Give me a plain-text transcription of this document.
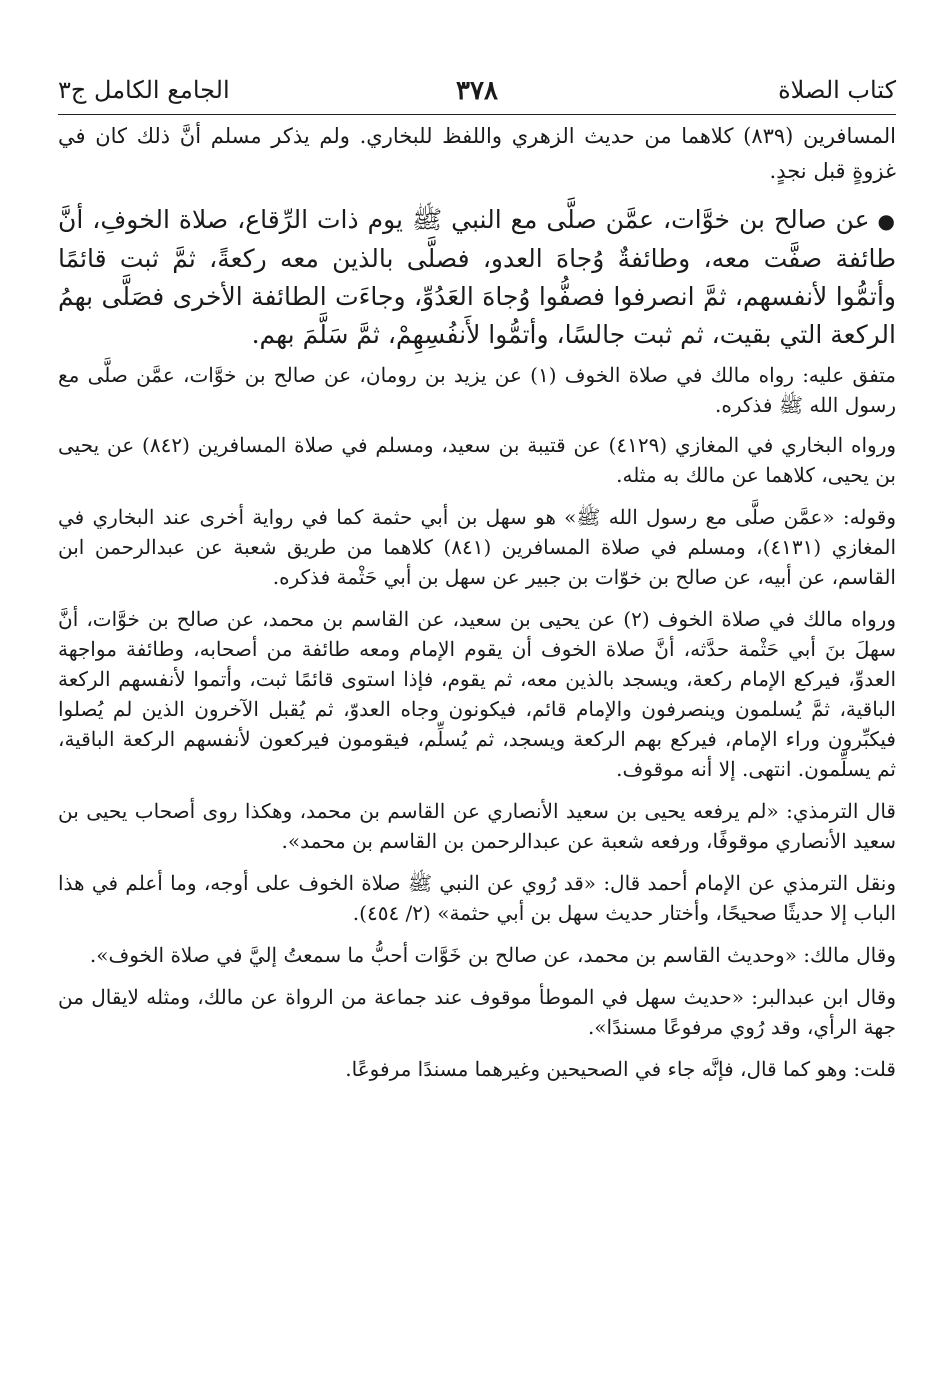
كتاب الصلاة
٣٧٨
الجامع الكامل ج٣

المسافرين (٨٣٩) كلاهما من حديث الزهري واللفظ للبخاري. ولم يذكر مسلم أنَّ ذلك كان في غزوةٍ قبل نجدٍ.

●عن صالح بن خوَّات، عمَّن صلَّى مع النبي ﷺ يوم ذات الرِّقاع، صلاة الخوفِ، أنَّ طائفة صفَّت معه، وطائفةٌ وُجاهَ العدو، فصلَّى بالذين معه ركعةً، ثمَّ ثبت قائمًا وأتمُّوا لأنفسهم، ثمَّ انصرفوا فصفُّوا وُجاهَ العَدُوِّ، وجاءَت الطائفة الأخرى فصَلَّى بهمُ الركعة التي بقيت، ثم ثبت جالسًا، وأتمُّوا لأَنفُسِهِمْ، ثمَّ سَلَّمَ بهم.

متفق عليه: رواه مالك في صلاة الخوف (١) عن يزيد بن رومان، عن صالح بن خوَّات، عمَّن صلَّى مع رسول الله ﷺ فذكره.

ورواه البخاري في المغازي (٤١٢٩) عن قتيبة بن سعيد، ومسلم في صلاة المسافرين (٨٤٢) عن يحيى بن يحيى، كلاهما عن مالك به مثله.

وقوله: «عمَّن صلَّى مع رسول الله ﷺ» هو سهل بن أبي حثمة كما في رواية أخرى عند البخاري في المغازي (٤١٣١)، ومسلم في صلاة المسافرين (٨٤١) كلاهما من طريق شعبة عن عبدالرحمن ابن القاسم، عن أبيه، عن صالح بن خوّات بن جبير عن سهل بن أبي حَثْمة فذكره.

ورواه مالك في صلاة الخوف (٢) عن يحيى بن سعيد، عن القاسم بن محمد، عن صالح بن خوَّات، أنَّ سهلَ بنَ أبي حَثْمة حدَّثه، أنَّ صلاة الخوف أن يقوم الإمام ومعه طائفة من أصحابه، وطائفة مواجهة العدوِّ، فيركع الإمام ركعة، ويسجد بالذين معه، ثم يقوم، فإذا استوى قائمًا ثبت، وأتموا لأنفسهم الركعة الباقية، ثمَّ يُسلمون وينصرفون والإمام قائم، فيكونون وجاه العدوّ، ثم يُقبل الآخرون الذين لم يُصلوا فيكبِّرون وراء الإمام، فيركع بهم الركعة ويسجد، ثم يُسلِّم، فيقومون فيركعون لأنفسهم الركعة الباقية، ثم يسلِّمون. انتهى. إلا أنه موقوف.

قال الترمذي: «لم يرفعه يحيى بن سعيد الأنصاري عن القاسم بن محمد، وهكذا روى أصحاب يحيى بن سعيد الأنصاري موقوفًا، ورفعه شعبة عن عبدالرحمن بن القاسم بن محمد».

ونقل الترمذي عن الإمام أحمد قال: «قد رُوي عن النبي ﷺ صلاة الخوف على أوجه، وما أعلم في هذا الباب إلا حديثًا صحيحًا، وأختار حديث سهل بن أبي حثمة» (٢/ ٤٥٤).

وقال مالك: «وحديث القاسم بن محمد، عن صالح بن خَوَّات أحبُّ ما سمعتُ إليَّ في صلاة الخوف».

وقال ابن عبدالبر: «حديث سهل في الموطأ موقوف عند جماعة من الرواة عن مالك، ومثله لايقال من جهة الرأي، وقد رُوي مرفوعًا مسندًا».

قلت: وهو كما قال، فإنَّه جاء في الصحيحين وغيرهما مسندًا مرفوعًا.
